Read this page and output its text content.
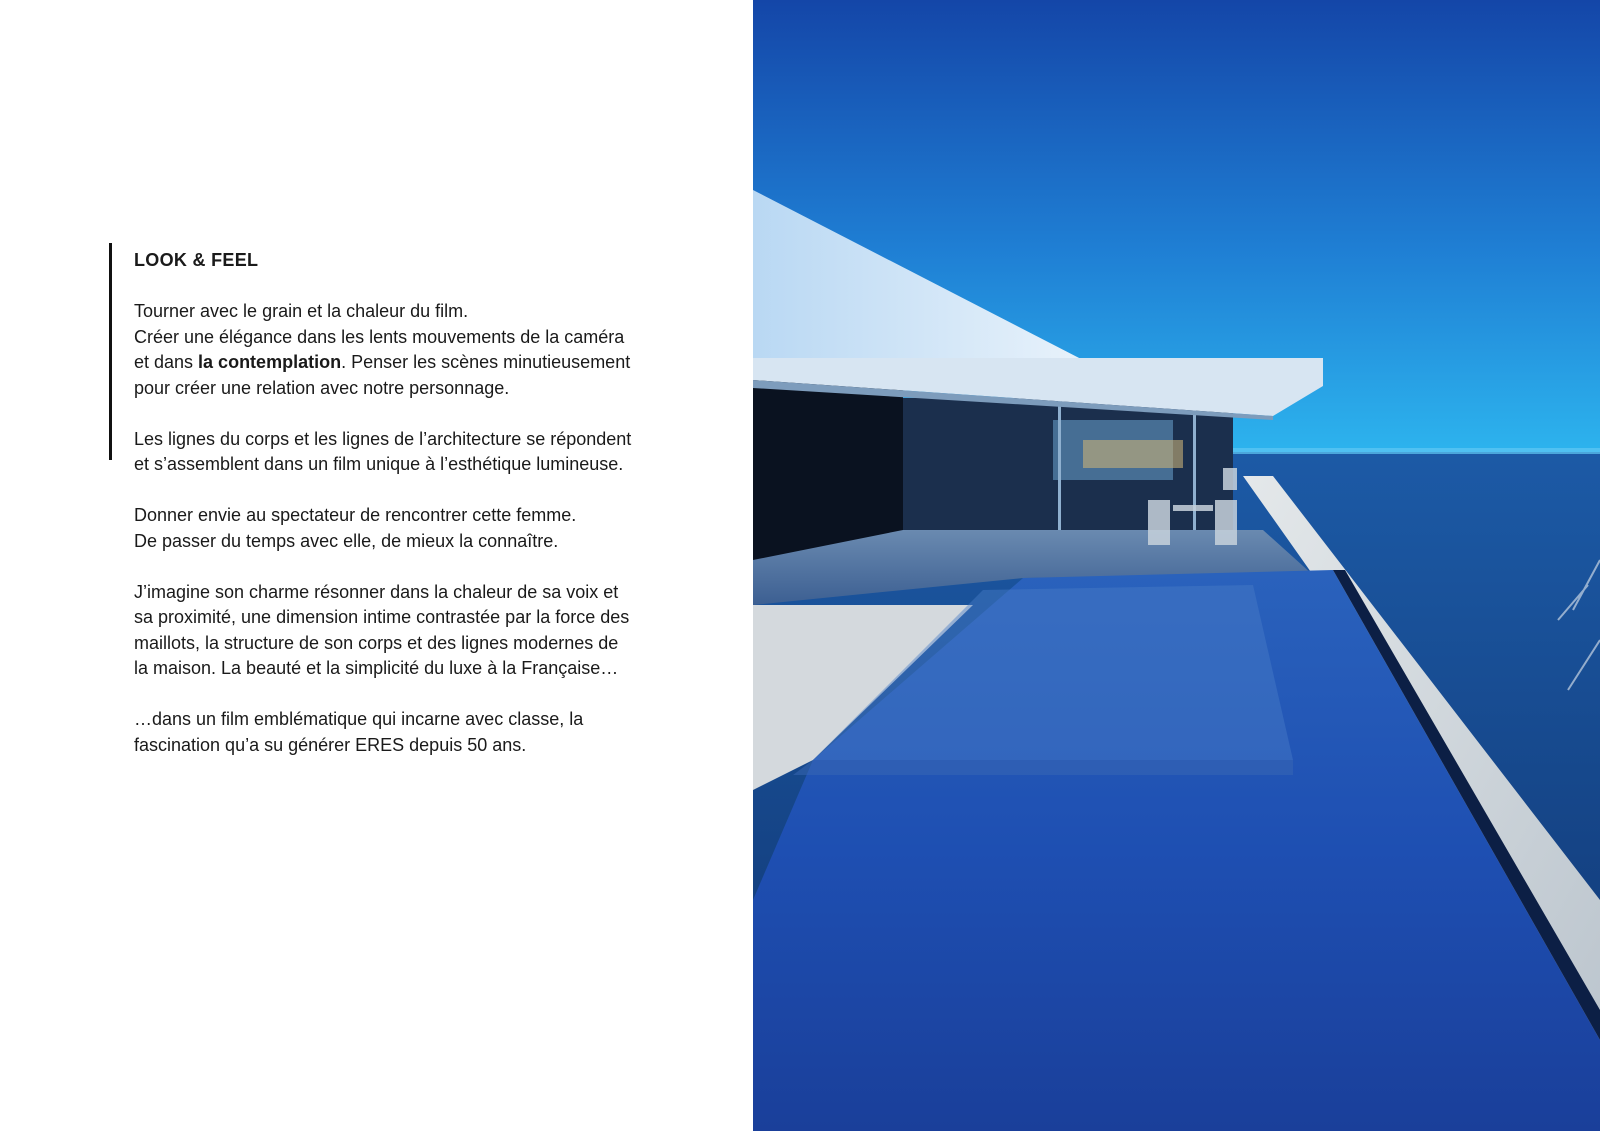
LOOK & FEEL
Tourner avec le grain et la chaleur du film.
Créer une élégance dans les lents mouvements de la caméra
et dans la contemplation. Penser les scènes minutieusement
pour créer une relation avec notre personnage.
Les lignes du corps et les lignes de l’architecture se répondent
et s’assemblent dans un film unique à l’esthétique lumineuse.
Donner envie au spectateur de rencontrer cette femme.
De passer du temps avec elle, de mieux la connaître.
J’imagine son charme résonner dans la chaleur de sa voix et
sa proximité, une dimension intime contrastée par la force des
maillots, la structure de son corps et des lignes modernes de
la maison. La beauté et la simplicité du luxe à la Française…
…dans un film emblématique qui incarne avec classe, la
fascination qu’a su générer ERES depuis 50 ans.
